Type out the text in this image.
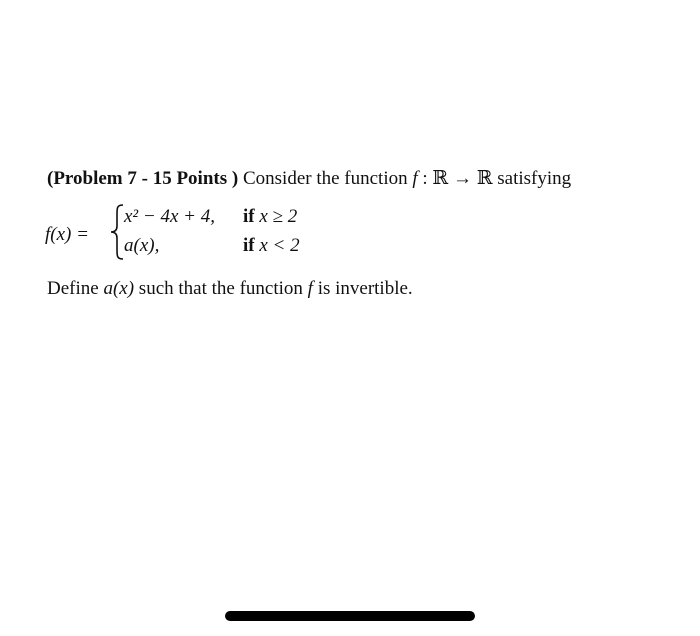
(Problem 7 - 15 Points ) Consider the function f : ℝ → ℝ satisfying
f(x) =
x² − 4x + 4, if x ≥ 2
a(x),	if x < 2
Define a(x) such that the function f is invertible.
